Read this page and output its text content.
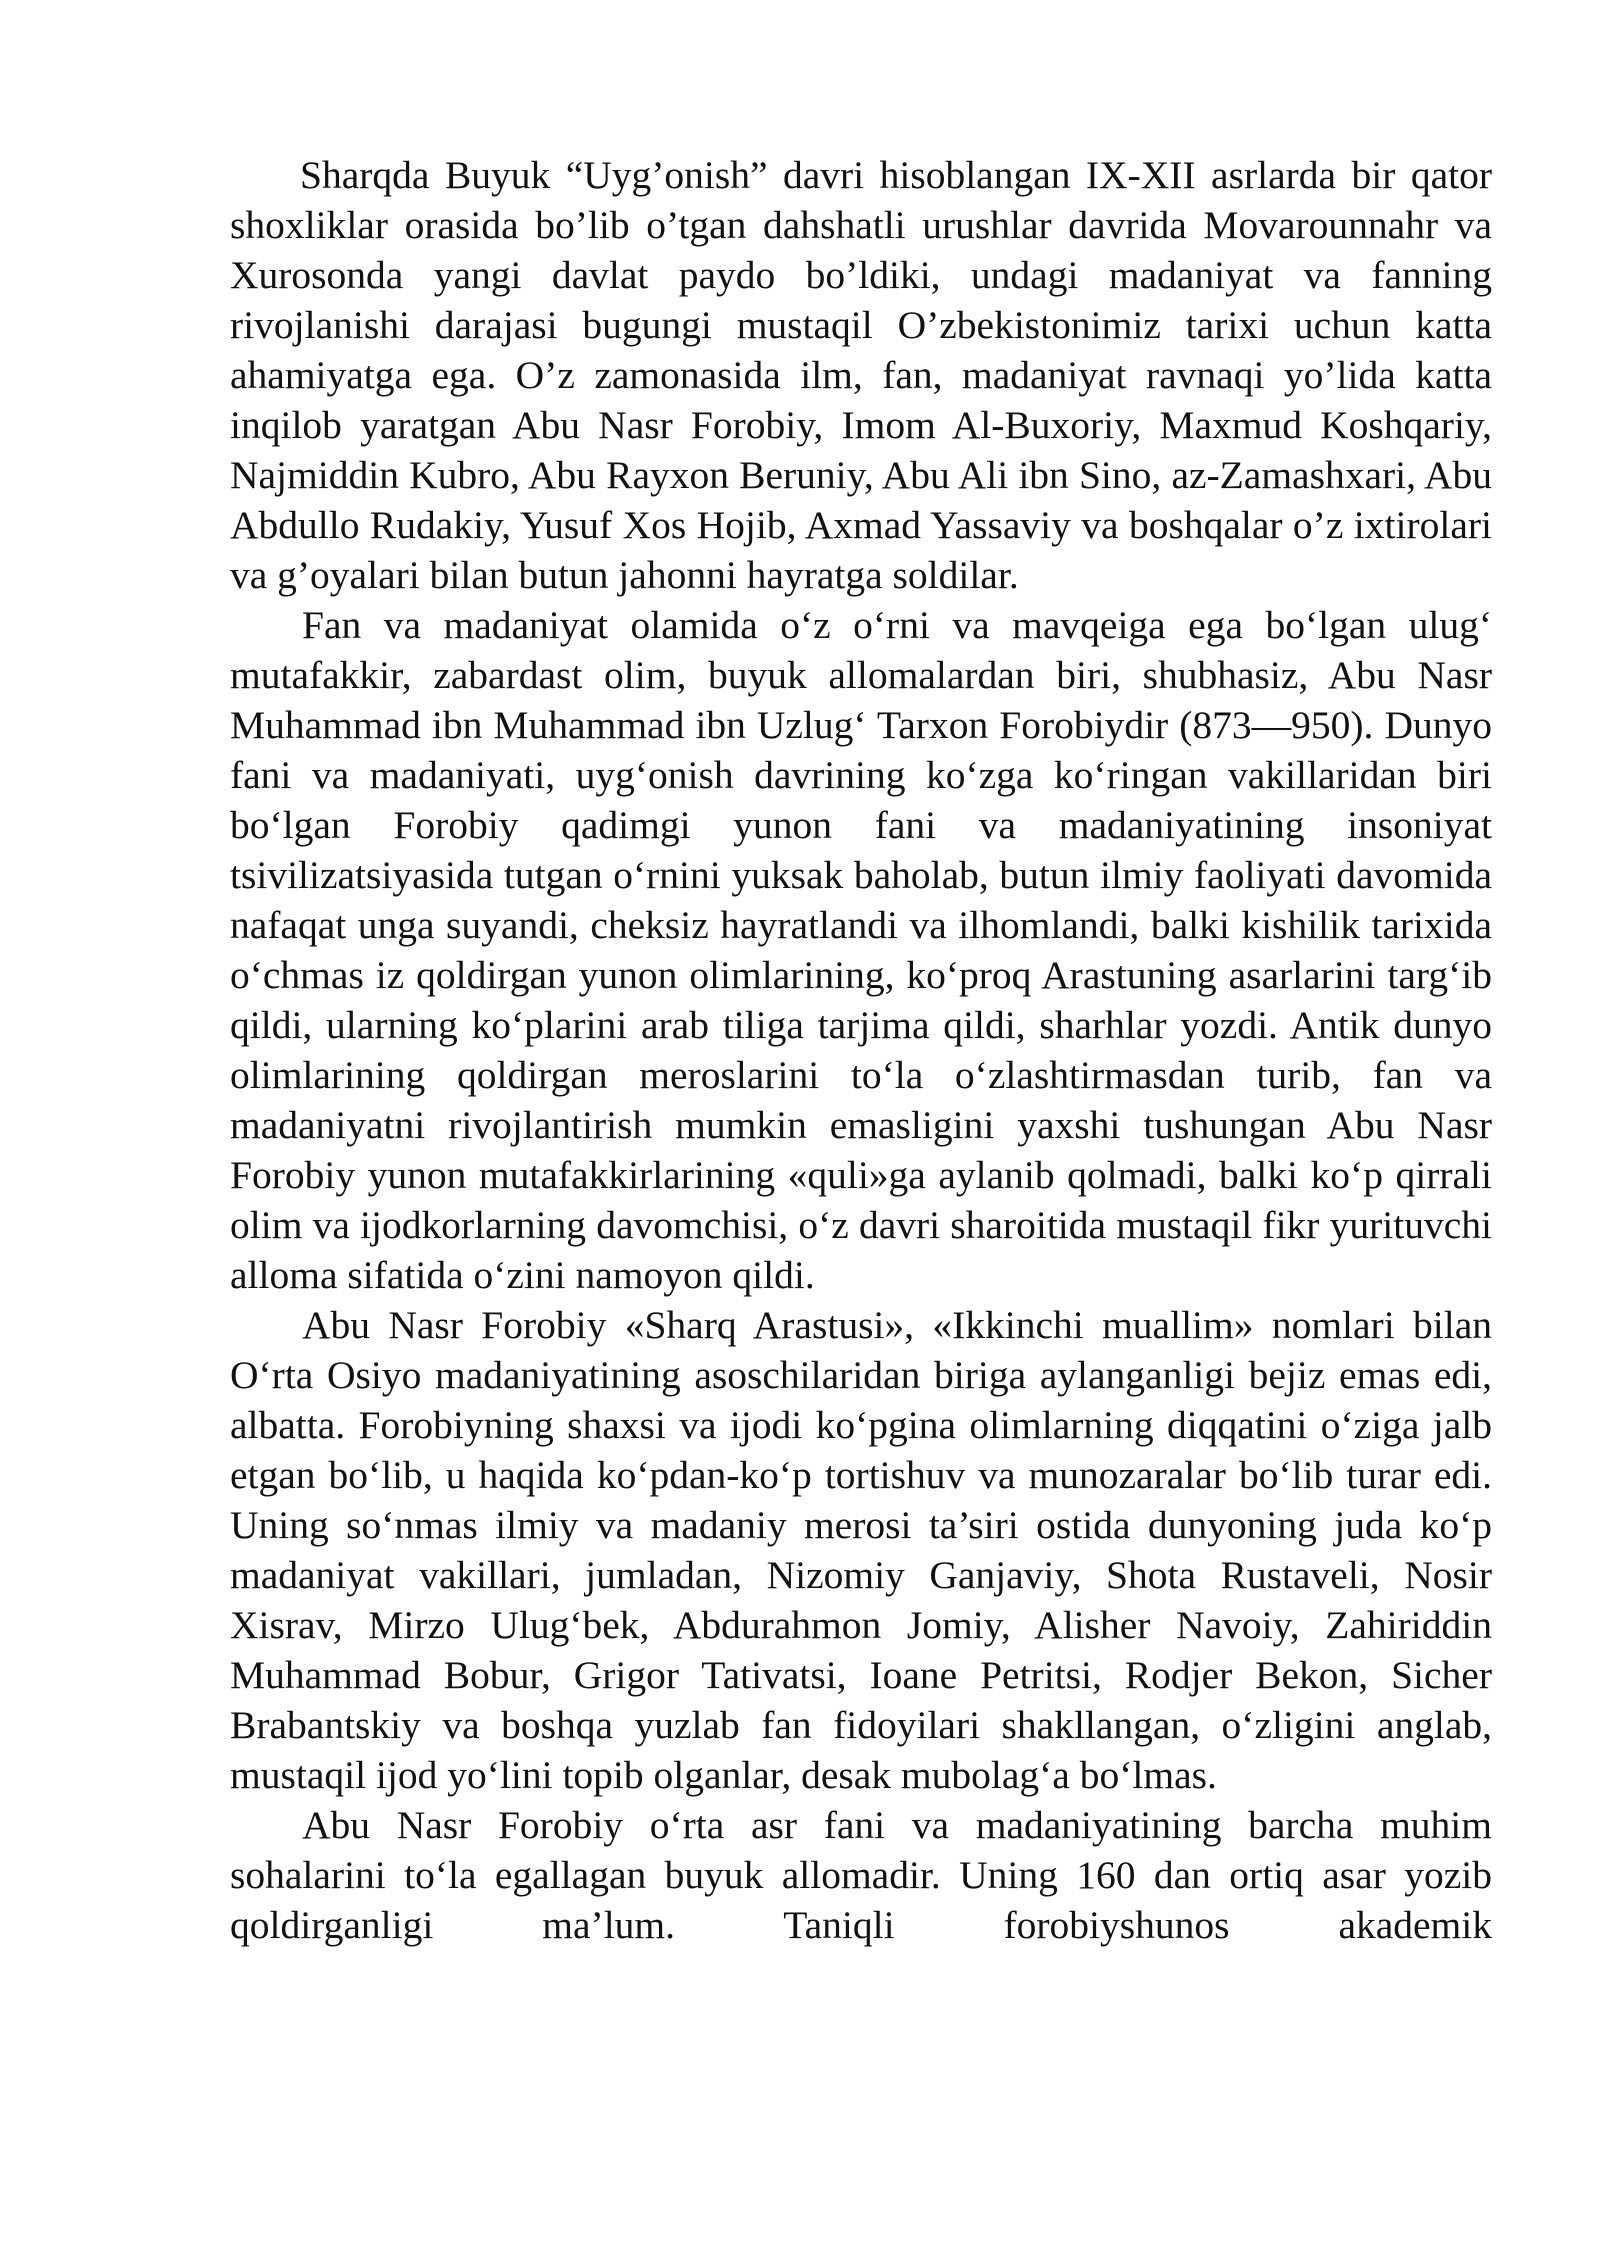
Sharqda Buyuk “Uyg’onish” davri hisoblangan IX-XII asrlarda bir qator shoxliklar orasida bo’lib o’tgan dahshatli urushlar davrida Movarounnahr va Xurosonda yangi davlat paydo bo’ldiki, undagi madaniyat va fanning rivojlanishi darajasi bugungi mustaqil O’zbekistonimiz tarixi uchun katta ahamiyatga ega. O’z zamonasida ilm, fan, madaniyat ravnaqi yo’lida katta inqilob yaratgan Abu Nasr Forobiy, Imom Al-Buxoriy, Maxmud Koshqariy, Najmiddin Kubro, Abu Rayxon Beruniy, Abu Ali ibn Sino, az-Zamashxari, Abu Abdullo Rudakiy, Yusuf Xos Hojib, Axmad Yassaviy va boshqalar o’z ixtirolari va g’oyalari bilan butun jahonni hayratga soldilar.

Fan va madaniyat olamida o‘z o‘rni va mavqeiga ega bo‘lgan ulug‘ mutafakkir, zabardast olim, buyuk allomalardan biri, shubhasiz, Abu Nasr Muhammad ibn Muhammad ibn Uzlug‘ Tarxon Forobiydir (873—950). Dunyo fani va madaniyati, uyg‘onish davrining ko‘zga ko‘ringan vakillaridan biri bo‘lgan Forobiy qadimgi yunon fani va madaniyatining insoniyat tsivilizatsiyasida tutgan o‘rnini yuksak baholab, butun ilmiy faoliyati davomida nafaqat unga suyandi, cheksiz hayratlandi va ilhomlandi, balki kishilik tarixida o‘chmas iz qoldirgan yunon olimlarining, ko‘proq Arastuning asarlarini targ‘ib qildi, ularning ko‘plarini arab tiliga tarjima qildi, sharhlar yozdi. Antik dunyo olimlarining qoldirgan meroslarini to‘la o‘zlashtirmasdan turib, fan va madaniyatni rivojlantirish mumkin emasligini yaxshi tushungan Abu Nasr Forobiy yunon mutafakkirlarining «quli»ga aylanib qolmadi, balki ko‘p qirrali olim va ijodkorlarning davomchisi, o‘z davri sharoitida mustaqil fikr yurituvchi alloma sifatida o‘zini namoyon qildi.

Abu Nasr Forobiy «Sharq Arastusi», «Ikkinchi muallim» nomlari bilan O‘rta Osiyo madaniyatining asoschilaridan biriga aylanganligi bejiz emas edi, albatta. Forobiyning shaxsi va ijodi ko‘pgina olimlarning diqqatini o‘ziga jalb etgan bo‘lib, u haqida ko‘pdan-ko‘p tortishuv va munozaralar bo‘lib turar edi. Uning so‘nmas ilmiy va madaniy merosi ta’siri ostida dunyoning juda ko‘p madaniyat vakillari, jumladan, Nizomiy Ganjaviy, Shota Rustaveli, Nosir Xisrav, Mirzo Ulug‘bek, Abdurahmon Jomiy, Alisher Navoiy, Zahiriddin Muhammad Bobur, Grigor Tativatsi, Ioane Petritsi, Rodjer Bekon, Sicher Brabantskiy va boshqa yuzlab fan fidoyilari shakllangan, o‘zligini anglab, mustaqil ijod yo‘lini topib olganlar, desak mubolag‘a bo‘lmas.

Abu Nasr Forobiy o‘rta asr fani va madaniyatining barcha muhim sohalarini to‘la egallagan buyuk allomadir. Uning 160 dan ortiq asar yozib qoldirganligi ma’lum. Taniqli forobiyshunos akademik
